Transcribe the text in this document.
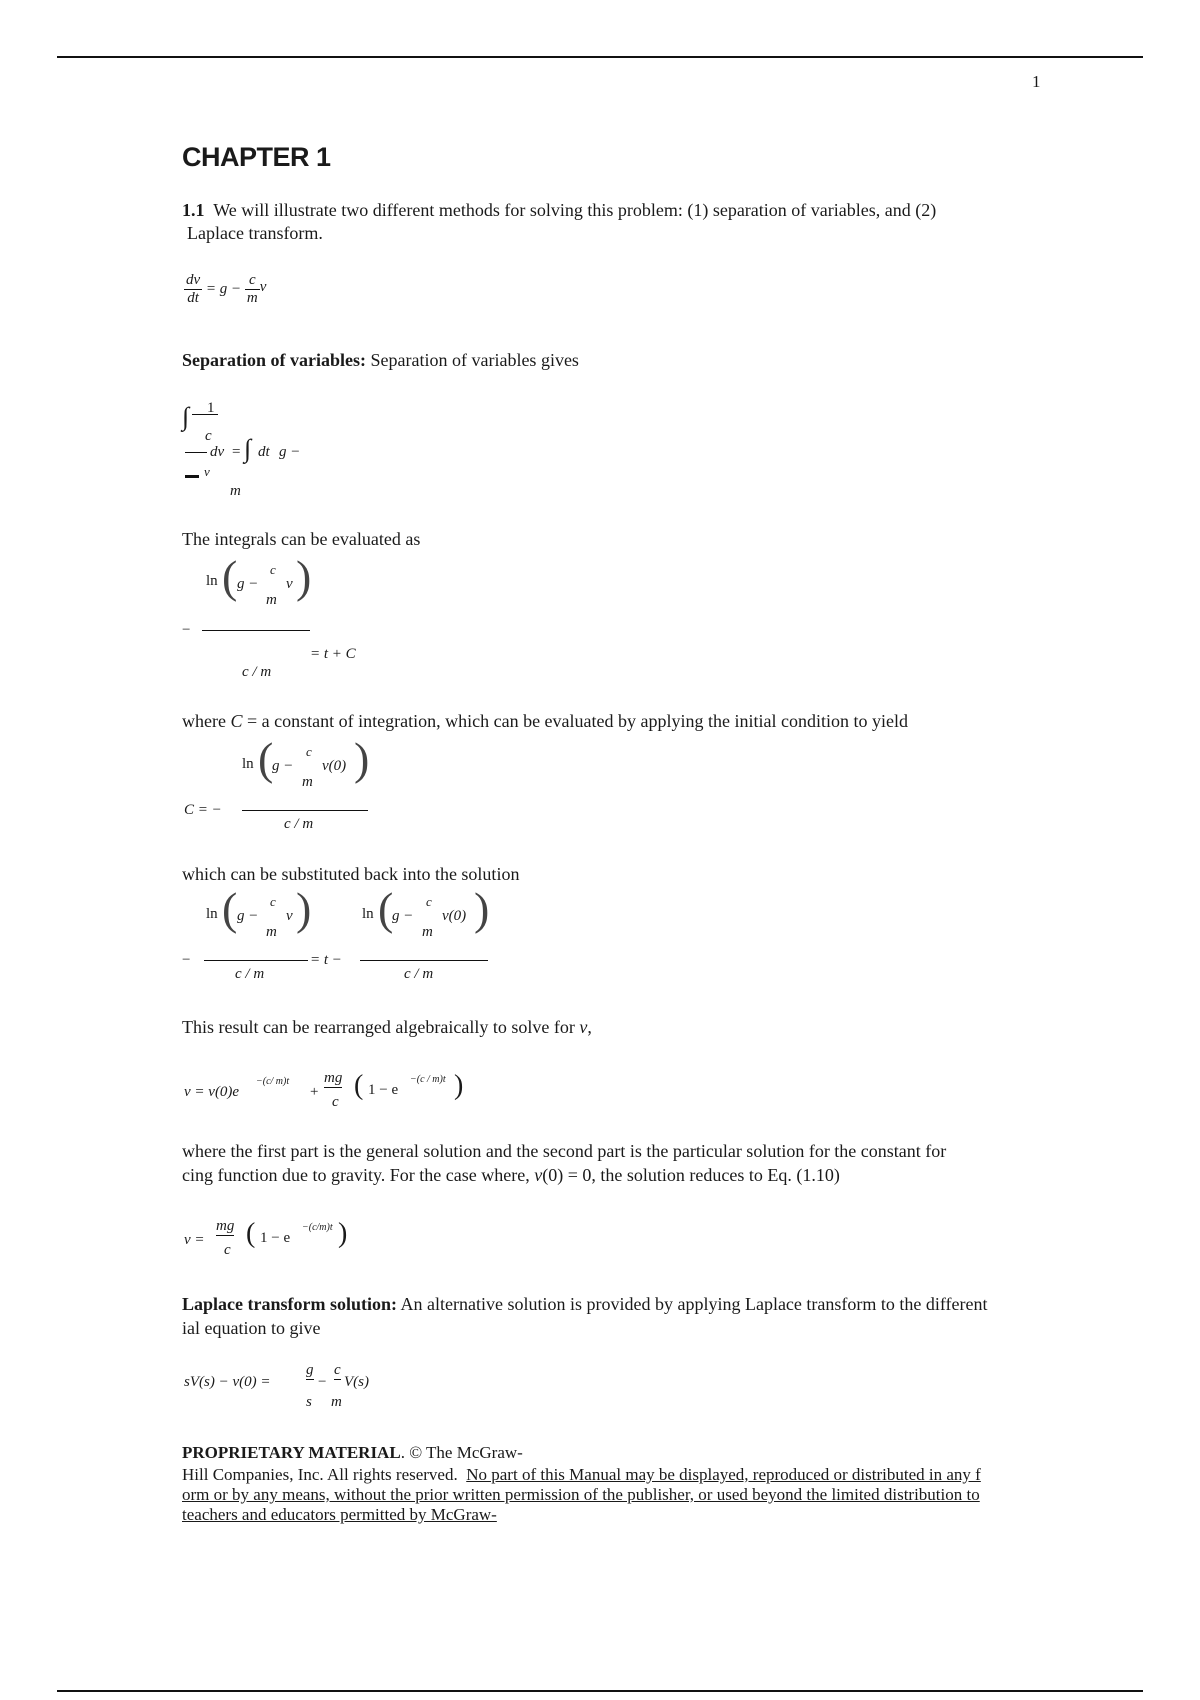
1
CHAPTER 1
1.1 We will illustrate two different methods for solving this problem: (1) separation of variables, and (2)
Laplace transform.
$\frac{dv}{dt} = g - \frac{c}{m}$ v
Separation of variables: Separation of variables gives
∫ 1
c
dv = ∫ dt g −
v
m
The integrals can be evaluated as
−
ln ( g −
c
v
m )
c / m
= t + C
where C = a constant of integration, which can be evaluated by applying the initial condition to yield
C = −
ln (
g −
c
v(0)
m )
c / m
which can be substituted back into the solution
−
ln ( g −
c
v
m )
c / m
= t −
ln (
g −
c
v(0)
m )
c / m
This result can be rearranged algebraically to solve for v,
v = v(0)e
−(c/ m)t
+
mg
c
( 1 − e
−(c / m)t )
where the first part is the general solution and the second part is the particular solution for the constant for
cing function due to gravity. For the case where, v(0) = 0, the solution reduces to Eq. (1.10)
v =
mg
c
( 1 − e
−(c/m)t )
Laplace transform solution: An alternative solution is provided by applying Laplace transform to the different
ial equation to give
sV(s) − v(0) =
g
s
−
c
m
V(s)
PROPRIETARY MATERIAL. © The McGraw-
Hill Companies, Inc. All rights reserved. No part of this Manual may be displayed, reproduced or distributed in any f
orm or by any means, without the prior written permission of the publisher, or used beyond the limited distribution to
teachers and educators permitted by McGraw-
